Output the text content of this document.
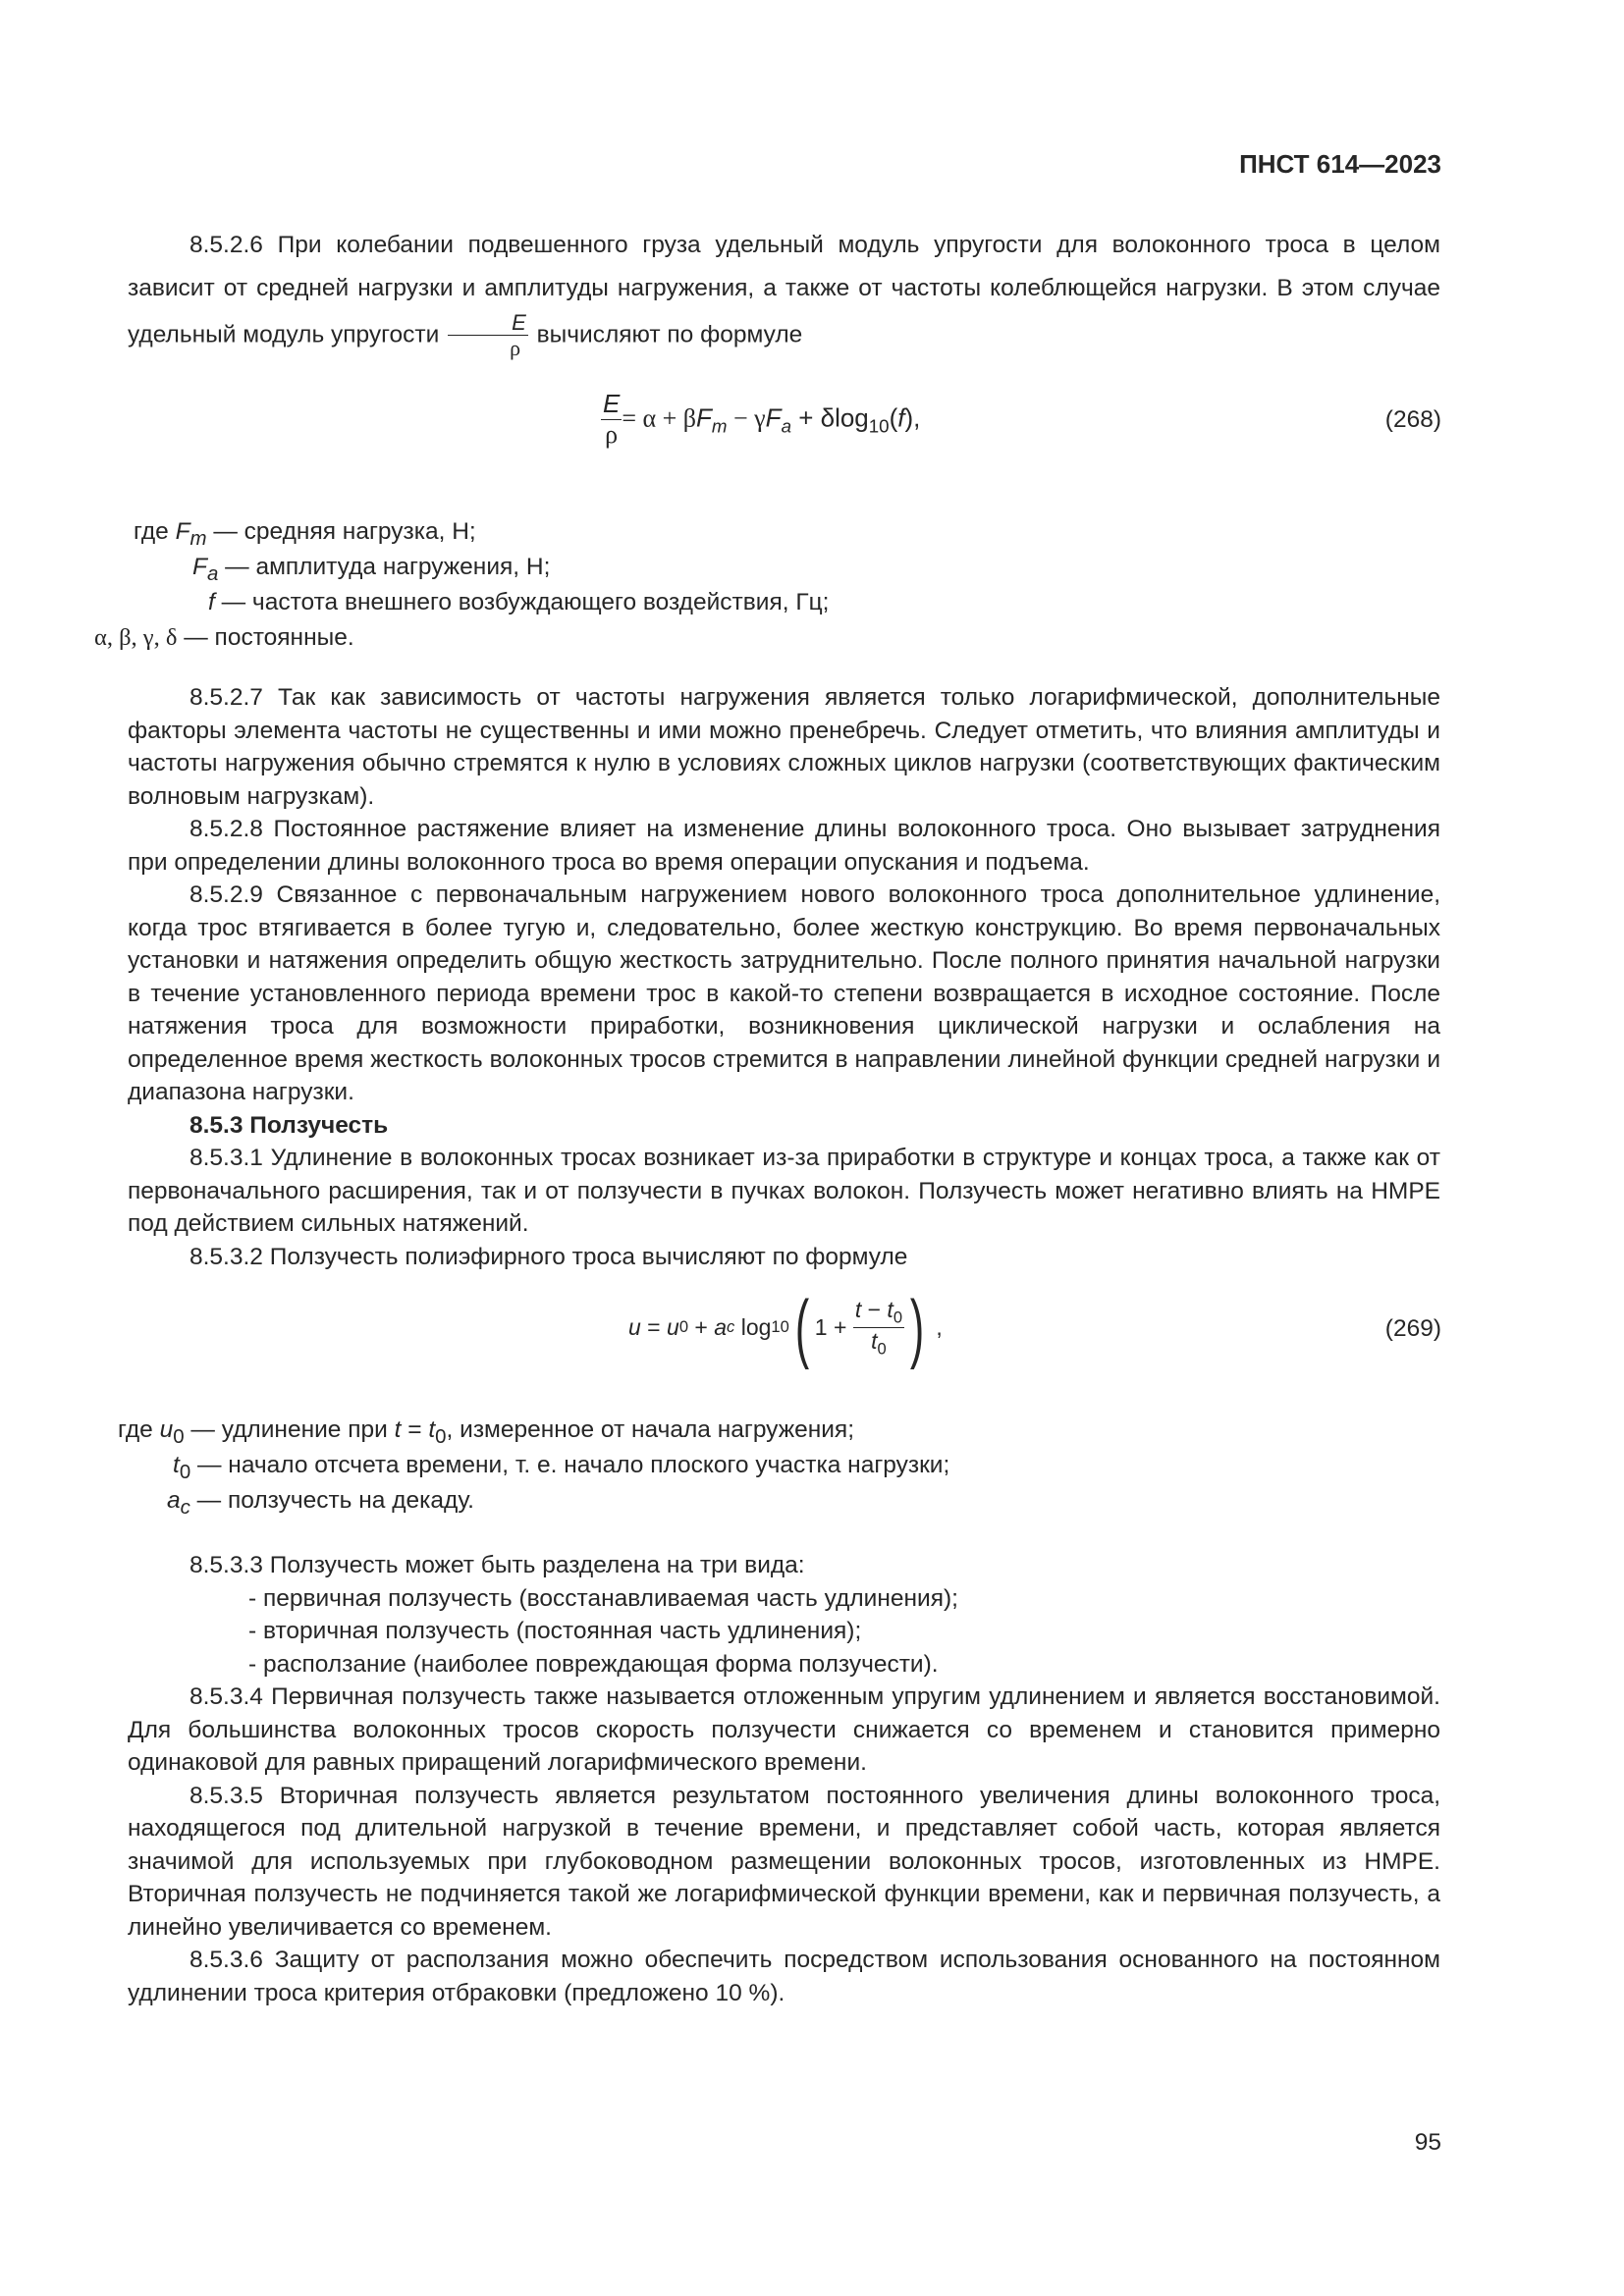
ПНСТ 614—2023

8.5.2.6 При колебании подвешенного груза удельный модуль упругости для волоконного троса в целом зависит от средней нагрузки и амплитуды нагружения, а также от частоты колеблющейся нагрузки. В этом случае удельный модуль упругости $\frac{E}{\rho}$ вычисляют по формуле

$\frac{E}{\rho} = \alpha + \beta F_m - \gamma F_a + \delta\log_{10}(f)$,	(268)
где $F_m$ — средняя нагрузка, Н;
$F_a$ — амплитуда нагружения, Н;
f — частота внешнего возбуждающего воздействия, Гц;
α, β, γ, δ — постоянные.

8.5.2.7 Так как зависимость от частоты нагружения является только логарифмической, дополнительные факторы элемента частоты не существенны и ими можно пренебречь. Следует отметить, что влияния амплитуды и частоты нагружения обычно стремятся к нулю в условиях сложных циклов нагрузки (соответствующих фактическим волновым нагрузкам).

8.5.2.8 Постоянное растяжение влияет на изменение длины волоконного троса. Оно вызывает затруднения при определении длины волоконного троса во время операции опускания и подъема.

8.5.2.9 Связанное с первоначальным нагружением нового волоконного троса дополнительное удлинение, когда трос втягивается в более тугую и, следовательно, более жесткую конструкцию. Во время первоначальных установки и натяжения определить общую жесткость затруднительно. После полного принятия начальной нагрузки в течение установленного периода времени трос в какой-то степени возвращается в исходное состояние. После натяжения троса для возможности приработки, возникновения циклической нагрузки и ослабления на определенное время жесткость волоконных тросов стремится в направлении линейной функции средней нагрузки и диапазона нагрузки.

8.5.3 Ползучесть

8.5.3.1 Удлинение в волоконных тросах возникает из-за приработки в структуре и концах троса, а также как от первоначального расширения, так и от ползучести в пучках волокон. Ползучесть может негативно влиять на НМРЕ под действием сильных натяжений.

8.5.3.2 Ползучесть полиэфирного троса вычисляют по формуле

u = u 0 + a c log 10 ( $1 + \frac{t - t_0}{t_0}$ ) ,	(269)
где $u_0$ — удлинение при $t = t_0$, измеренное от начала нагружения;
$t_0$ — начало отсчета времени, т. е. начало плоского участка нагрузки;
$a_c$ — ползучесть на декаду.

8.5.3.3 Ползучесть может быть разделена на три вида:

- первичная ползучесть (восстанавливаемая часть удлинения);

- вторичная ползучесть (постоянная часть удлинения);

- расползание (наиболее повреждающая форма ползучести).

8.5.3.4 Первичная ползучесть также называется отложенным упругим удлинением и является восстановимой. Для большинства волоконных тросов скорость ползучести снижается со временем и становится примерно одинаковой для равных приращений логарифмического времени.

8.5.3.5 Вторичная ползучесть является результатом постоянного увеличения длины волоконного троса, находящегося под длительной нагрузкой в течение времени, и представляет собой часть, которая является значимой для используемых при глубоководном размещении волоконных тросов, изготовленных из НМРЕ. Вторичная ползучесть не подчиняется такой же логарифмической функции времени, как и первичная ползучесть, а линейно увеличивается со временем.

8.5.3.6 Защиту от расползания можно обеспечить посредством использования основанного на постоянном удлинении троса критерия отбраковки (предложено 10 %).

95
